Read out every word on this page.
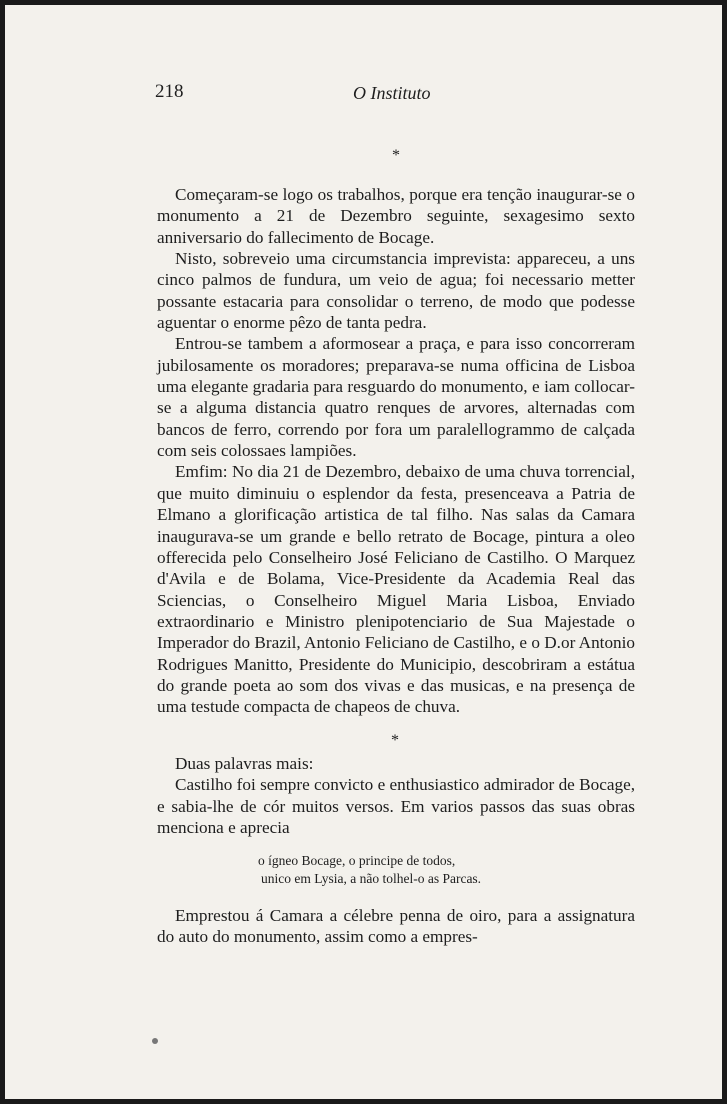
218	O Instituto
*

Começaram-se logo os trabalhos, porque era tenção inaugurar-se o monumento a 21 de Dezembro seguinte, sexagesimo sexto anniversario do fallecimento de Bocage.

Nisto, sobreveio uma circumstancia imprevista: appareceu, a uns cinco palmos de fundura, um veio de agua; foi necessario metter possante estacaria para consolidar o terreno, de modo que podesse aguentar o enorme pêzo de tanta pedra.

Entrou-se tambem a aformosear a praça, e para isso concorreram jubilosamente os moradores; preparava-se numa officina de Lisboa uma elegante gradaria para resguardo do monumento, e iam collocar-se a alguma distancia quatro renques de arvores, alternadas com bancos de ferro, correndo por fora um paralellogrammo de calçada com seis colossaes lampiões.

Emfim: No dia 21 de Dezembro, debaixo de uma chuva torrencial, que muito diminuiu o esplendor da festa, presenceava a Patria de Elmano a glorificação artistica de tal filho. Nas salas da Camara inaugurava-se um grande e bello retrato de Bocage, pintura a oleo offerecida pelo Conselheiro José Feliciano de Castilho. O Marquez d'Avila e de Bolama, Vice-Presidente da Academia Real das Sciencias, o Conselheiro Miguel Maria Lisboa, Enviado extraordinario e Ministro plenipotenciario de Sua Majestade o Imperador do Brazil, Antonio Feliciano de Castilho, e o D.or Antonio Rodrigues Manitto, Presidente do Municipio, descobriram a estátua do grande poeta ao som dos vivas e das musicas, e na presença de uma testude compacta de chapeos de chuva.

*

Duas palavras mais:

Castilho foi sempre convicto e enthusiastico admirador de Bocage, e sabia-lhe de cór muitos versos. Em varios passos das suas obras menciona e aprecia

o ígneo Bocage, o principe de todos,
unico em Lysia, a não tolhel-o as Parcas.

Emprestou á Camara a célebre penna de oiro, para a assignatura do auto do monumento, assim como a empres-
